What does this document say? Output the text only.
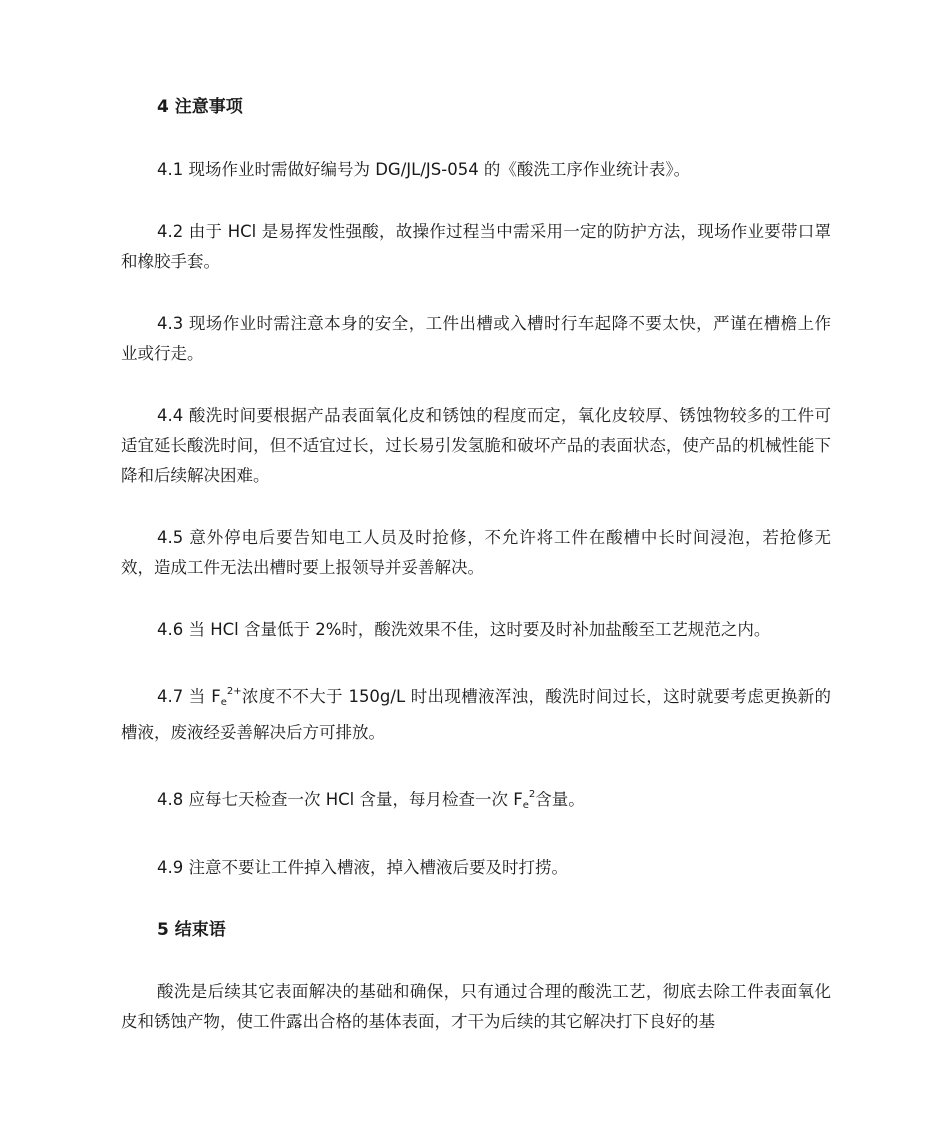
4 注意事项

4.1 现场作业时需做好编号为 DG/JL/JS-054 的《酸洗工序作业统计表》。

4.2 由于 HCl 是易挥发性强酸，故操作过程当中需采用一定的防护方法，现场作业要带口罩和橡胶手套。

4.3 现场作业时需注意本身的安全，工件出槽或入槽时行车起降不要太快，严谨在槽檐上作业或行走。

4.4 酸洗时间要根据产品表面氧化皮和锈蚀的程度而定，氧化皮较厚、锈蚀物较多的工件可适宜延长酸洗时间，但不适宜过长，过长易引发氢脆和破坏产品的表面状态，使产品的机械性能下降和后续解决困难。

4.5 意外停电后要告知电工人员及时抢修，不允许将工件在酸槽中长时间浸泡，若抢修无效，造成工件无法出槽时要上报领导并妥善解决。

4.6 当 HCl 含量低于 2%时，酸洗效果不佳，这时要及时补加盐酸至工艺规范之内。

4.7 当 $F_e^{2+}$浓度不不大于 150g/L 时出现槽液浑浊，酸洗时间过长，这时就要考虑更换新的槽液，废液经妥善解决后方可排放。

4.8 应每七天检查一次 HCl 含量，每月检查一次 $F_e^2$含量。

4.9 注意不要让工件掉入槽液，掉入槽液后要及时打捞。

5 结束语

酸洗是后续其它表面解决的基础和确保，只有通过合理的酸洗工艺，彻底去除工件表面氧化皮和锈蚀产物，使工件露出合格的基体表面，才干为后续的其它解决打下良好的基
